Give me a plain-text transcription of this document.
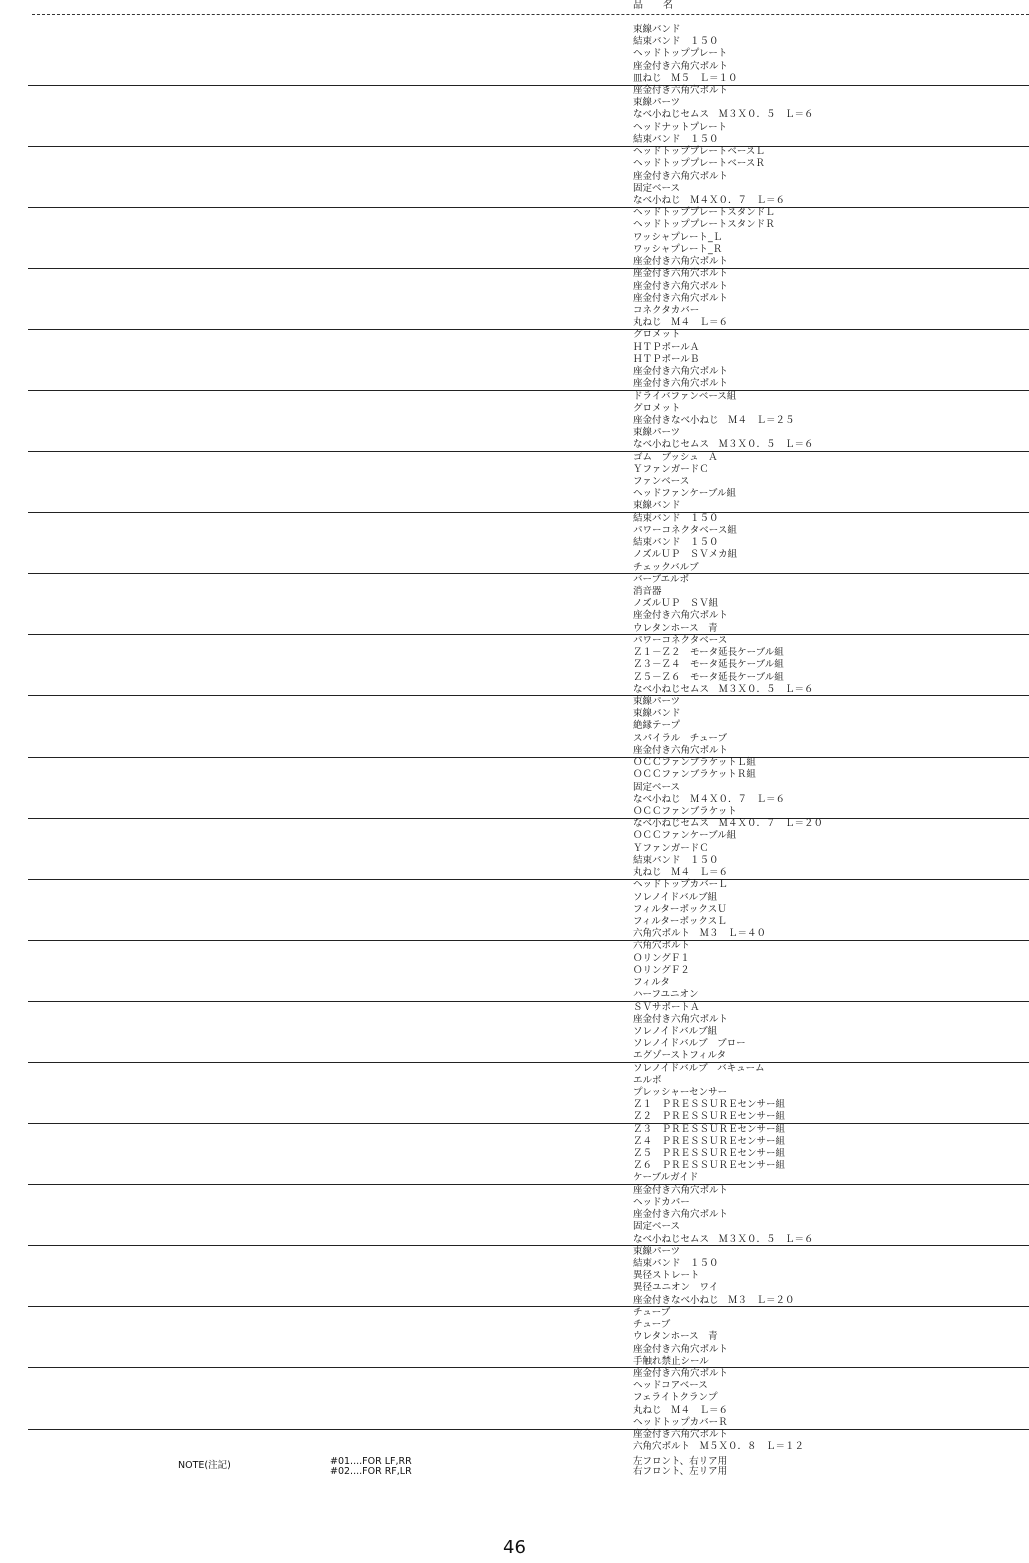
品　名
束線バンド
結束バンド　１５０
ヘッドトッププレート
座金付き六角穴ボルト
皿ねじ　Ｍ５　Ｌ＝１０
座金付き六角穴ボルト
束線パーツ
なべ小ねじセムス　Ｍ３Ｘ０．５　Ｌ＝６
ヘッドナットプレート
結束バンド　１５０
ヘッドトッププレートベースＬ
ヘッドトッププレートベースＲ
座金付き六角穴ボルト
固定ベース
なべ小ねじ　Ｍ４Ｘ０．７　Ｌ＝６
ヘッドトッププレートスタンドＬ
ヘッドトッププレートスタンドＲ
ワッシャプレート_Ｌ
ワッシャプレート_Ｒ
座金付き六角穴ボルト
座金付き六角穴ボルト
座金付き六角穴ボルト
座金付き六角穴ボルト
コネクタカバー
丸ねじ　Ｍ４　Ｌ＝６
グロメット
ＨＴＰポールＡ
ＨＴＰポールＢ
座金付き六角穴ボルト
座金付き六角穴ボルト
ドライバファンベース組
グロメット
座金付きなべ小ねじ　Ｍ４　Ｌ＝２５
束線パーツ
なべ小ねじセムス　Ｍ３Ｘ０．５　Ｌ＝６
ゴム　ブッシュ　Ａ
ＹファンガードＣ
ファンベース
ヘッドファンケーブル組
束線バンド
結束バンド　１５０
パワーコネクタベース組
結束バンド　１５０
ノズルＵＰ　ＳＶメカ組
チェックバルブ
バーブエルボ
消音器
ノズルＵＰ　ＳＶ組
座金付き六角穴ボルト
ウレタンホース　青
パワーコネクタベース
Ｚ１－Ｚ２　モータ延長ケーブル組
Ｚ３－Ｚ４　モータ延長ケーブル組
Ｚ５－Ｚ６　モータ延長ケーブル組
なべ小ねじセムス　Ｍ３Ｘ０．５　Ｌ＝６
束線パーツ
束線バンド
絶縁テープ
スパイラル　チューブ
座金付き六角穴ボルト
ＯＣＣファンブラケットＬ組
ＯＣＣファンブラケットＲ組
固定ベース
なべ小ねじ　Ｍ４Ｘ０．７　Ｌ＝６
ＯＣＣファンブラケット
なべ小ねじセムス　Ｍ４Ｘ０．７　Ｌ＝２０
ＯＣＣファンケーブル組
ＹファンガードＣ
結束バンド　１５０
丸ねじ　Ｍ４　Ｌ＝６
ヘッドトップカバーＬ
ソレノイドバルブ組
フィルターボックスＵ
フィルターボックスＬ
六角穴ボルト　Ｍ３　Ｌ＝４０
六角穴ボルト
ＯリングＦ１
ＯリングＦ２
フィルタ
ハーフユニオン
ＳＶサポートＡ
座金付き六角穴ボルト
ソレノイドバルブ組
ソレノイドバルブ　ブロー
エグゾーストフィルタ
ソレノイドバルブ　バキューム
エルボ
プレッシャーセンサー
Ｚ１　ＰＲＥＳＳＵＲＥセンサー組
Ｚ２　ＰＲＥＳＳＵＲＥセンサー組
Ｚ３　ＰＲＥＳＳＵＲＥセンサー組
Ｚ４　ＰＲＥＳＳＵＲＥセンサー組
Ｚ５　ＰＲＥＳＳＵＲＥセンサー組
Ｚ６　ＰＲＥＳＳＵＲＥセンサー組
ケーブルガイド
座金付き六角穴ボルト
ヘッドカバー
座金付き六角穴ボルト
固定ベース
なべ小ねじセムス　Ｍ３Ｘ０．５　Ｌ＝６
束線パーツ
結束バンド　１５０
異径ストレート
異径ユニオン　ワイ
座金付きなべ小ねじ　Ｍ３　Ｌ＝２０
チューブ
チューブ
ウレタンホース　青
座金付き六角穴ボルト
手触れ禁止シール
座金付き六角穴ボルト
ヘッドコアベース
フェライトクランプ
丸ねじ　Ｍ４　Ｌ＝６
ヘッドトップカバーＲ
座金付き六角穴ボルト
六角穴ボルト　Ｍ５Ｘ０．８　Ｌ＝１２
NOTE(注記)	#01....FOR LF,RR
#02....FOR RF,LR
左フロント、右リア用
右フロント、左リア用
46
